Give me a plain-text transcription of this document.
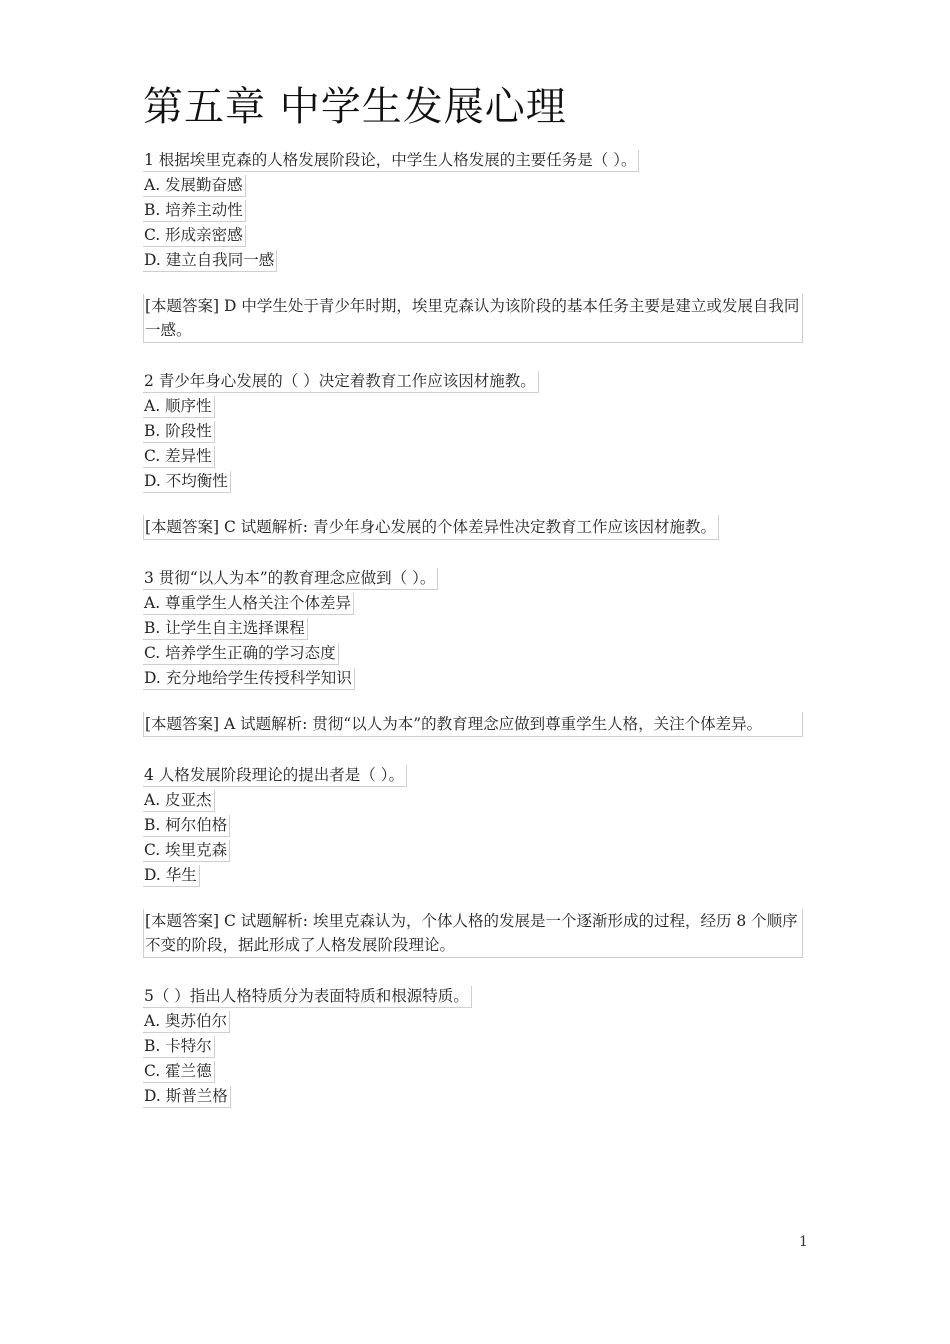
第五章 中学生发展心理
1 根据埃里克森的人格发展阶段论，中学生人格发展的主要任务是（ ）。
A. 发展勤奋感
B. 培养主动性
C. 形成亲密感
D. 建立自我同一感
[本题答案] D 中学生处于青少年时期，埃里克森认为该阶段的基本任务主要是建立或发展自我同一感。
2 青少年身心发展的（ ）决定着教育工作应该因材施教。
A. 顺序性
B. 阶段性
C. 差异性
D. 不均衡性
[本题答案] C 试题解析: 青少年身心发展的个体差异性决定教育工作应该因材施教。
3 贯彻“以人为本”的教育理念应做到（ ）。
A. 尊重学生人格关注个体差异
B. 让学生自主选择课程
C. 培养学生正确的学习态度
D. 充分地给学生传授科学知识
[本题答案] A 试题解析: 贯彻“以人为本”的教育理念应做到尊重学生人格，关注个体差异。
4 人格发展阶段理论的提出者是（ ）。
A. 皮亚杰
B. 柯尔伯格
C. 埃里克森
D. 华生
[本题答案] C 试题解析: 埃里克森认为，个体人格的发展是一个逐渐形成的过程，经历 8 个顺序不变的阶段，据此形成了人格发展阶段理论。
5（ ）指出人格特质分为表面特质和根源特质。
A. 奥苏伯尔
B. 卡特尔
C. 霍兰德
D. 斯普兰格
1
